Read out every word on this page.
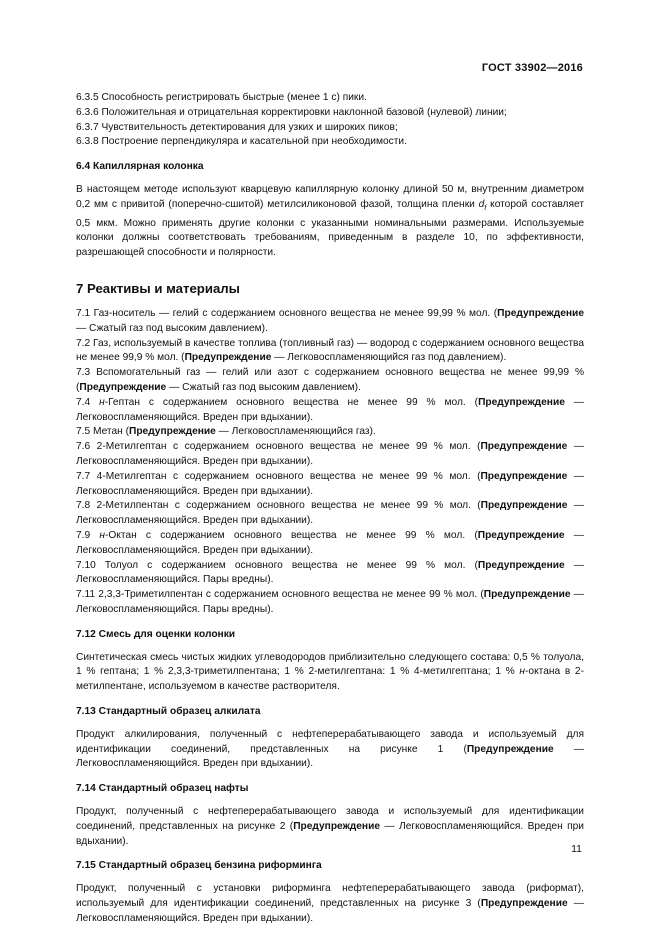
ГОСТ 33902—2016

6.3.5 Способность регистрировать быстрые (менее 1 с) пики.

6.3.6 Положительная и отрицательная корректировки наклонной базовой (нулевой) линии;

6.3.7 Чувствительность детектирования для узких и широких пиков;

6.3.8 Построение перпендикуляра и касательной при необходимости.

6.4 Капиллярная колонка

В настоящем методе используют кварцевую капиллярную колонку длиной 50 м, внутренним диаметром 0,2 мм с привитой (поперечно-сшитой) метилсиликоновой фазой, толщина пленки $d_f$ которой составляет 0,5 мкм. Можно применять другие колонки с указанными номинальными размерами. Используемые колонки должны соответствовать требованиям, приведенным в разделе 10, по эффективности, разрешающей способности и полярности.

7 Реактивы и материалы

7.1 Газ-носитель — гелий с содержанием основного вещества не менее 99,99 % мол. (Предупреждение — Сжатый газ под высоким давлением).

7.2 Газ, используемый в качестве топлива (топливный газ) — водород с содержанием основного вещества не менее 99,9 % мол. (Предупреждение — Легковоспламеняющийся газ под давлением).

7.3 Вспомогательный газ — гелий или азот с содержанием основного вещества не менее 99,99 % (Предупреждение — Сжатый газ под высоким давлением).

7.4 н-Гептан с содержанием основного вещества не менее 99 % мол. (Предупреждение — Легковоспламеняющийся. Вреден при вдыхании).

7.5 Метан (Предупреждение — Легковоспламеняющийся газ).

7.6 2-Метилгептан с содержанием основного вещества не менее 99 % мол. (Предупреждение — Легковоспламеняющийся. Вреден при вдыхании).

7.7 4-Метилгептан с содержанием основного вещества не менее 99 % мол. (Предупреждение — Легковоспламеняющийся. Вреден при вдыхании).

7.8 2-Метилпентан с содержанием основного вещества не менее 99 % мол. (Предупреждение — Легковоспламеняющийся. Вреден при вдыхании).

7.9 н-Октан с содержанием основного вещества не менее 99 % мол. (Предупреждение — Легковоспламеняющийся. Вреден при вдыхании).

7.10 Толуол с содержанием основного вещества не менее 99 % мол. (Предупреждение — Легковоспламеняющийся. Пары вредны).

7.11 2,3,3-Триметилпентан с содержанием основного вещества не менее 99 % мол. (Предупреждение — Легковоспламеняющийся. Пары вредны).

7.12 Смесь для оценки колонки

Синтетическая смесь чистых жидких углеводородов приблизительно следующего состава: 0,5 % толуола, 1 % гептана; 1 % 2,3,3-триметилпентана; 1 % 2-метилгептана: 1 % 4-метилгептана; 1 % н-октана в 2-метилпентане, используемом в качестве растворителя.

7.13 Стандартный образец алкилата

Продукт алкилирования, полученный с нефтеперерабатывающего завода и используемый для идентификации соединений, представленных на рисунке 1 (Предупреждение — Легковоспламеняющийся. Вреден при вдыхании).

7.14 Стандартный образец нафты

Продукт, полученный с нефтеперерабатывающего завода и используемый для идентификации соединений, представленных на рисунке 2 (Предупреждение — Легковоспламеняющийся. Вреден при вдыхании).

7.15 Стандартный образец бензина риформинга

Продукт, полученный с установки риформинга нефтеперерабатывающего завода (риформат), используемый для идентификации соединений, представленных на рисунке 3 (Предупреждение — Легковоспламеняющийся. Вреден при вдыхании).

11
